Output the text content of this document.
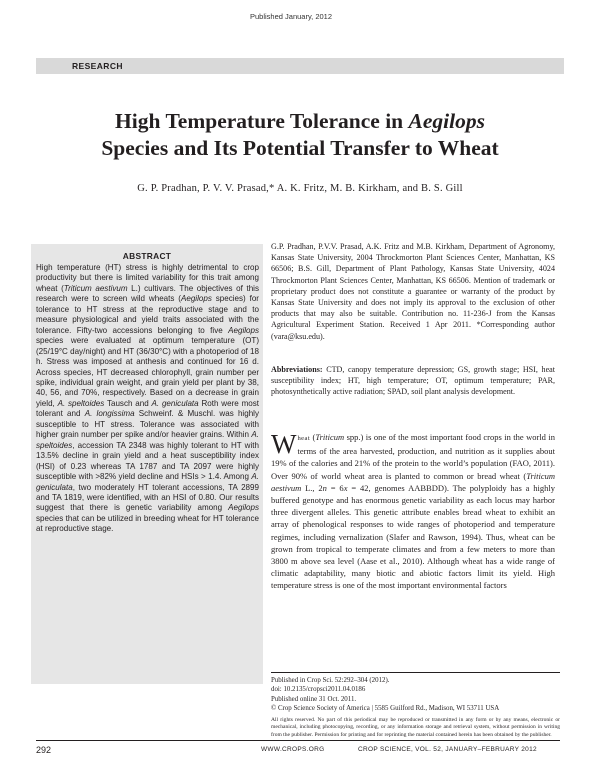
Published January, 2012
RESEARCH
High Temperature Tolerance in Aegilops
Species and Its Potential Transfer to Wheat
G. P. Pradhan, P. V. V. Prasad,* A. K. Fritz, M. B. Kirkham, and B. S. Gill
ABSTRACT
High temperature (HT) stress is highly detrimental to crop productivity but there is limited variability for this trait among wheat (Triticum aestivum L.) cultivars. The objectives of this research were to screen wild wheats (Aegilops species) for tolerance to HT stress at the reproductive stage and to measure physiological and yield traits associated with the tolerance. Fifty-two accessions belonging to five Aegilops species were evaluated at optimum temperature (OT) (25/19°C day/night) and HT (36/30°C) with a photoperiod of 18 h. Stress was imposed at anthesis and continued for 16 d. Across species, HT decreased chlorophyll, grain number per spike, individual grain weight, and grain yield per plant by 38, 40, 56, and 70%, respectively. Based on a decrease in grain yield, A. speltoides Tausch and A. geniculata Roth were most tolerant and A. longissima Schweinf. & Muschl. was highly susceptible to HT stress. Tolerance was associated with higher grain number per spike and/or heavier grains. Within A. speltoides, accession TA 2348 was highly tolerant to HT with 13.5% decline in grain yield and a heat susceptibility index (HSI) of 0.23 whereas TA 1787 and TA 2097 were highly susceptible with >82% yield decline and HSIs > 1.4. Among A. geniculata, two moderately HT tolerant accessions, TA 2899 and TA 1819, were identified, with an HSI of 0.80. Our results suggest that there is genetic variability among Aegilops species that can be utilized in breeding wheat for HT tolerance at reproductive stage.
G.P. Pradhan, P.V.V. Prasad, A.K. Fritz and M.B. Kirkham, Department of Agronomy, Kansas State University, 2004 Throckmorton Plant Sciences Center, Manhattan, KS 66506; B.S. Gill, Department of Plant Pathology, Kansas State University, 4024 Throckmorton Plant Sciences Center, Manhattan, KS 66506. Mention of trademark or proprietary product does not constitute a guarantee or warranty of the product by Kansas State University and does not imply its approval to the exclusion of other products that may also be suitable. Contribution no. 11-236-J from the Kansas Agricultural Experiment Station. Received 1 Apr 2011. *Corresponding author (vara@ksu.edu).
Abbreviations: CTD, canopy temperature depression; GS, growth stage; HSI, heat susceptibility index; HT, high temperature; OT, optimum temperature; PAR, photosynthetically active radiation; SPAD, soil plant analysis development.
Wheat (Triticum spp.) is one of the most important food crops in the world in terms of the area harvested, production, and nutrition as it supplies about 19% of the calories and 21% of the protein to the world’s population (FAO, 2011). Over 90% of world wheat area is planted to common or bread wheat (Triticum aestivum L., 2n = 6x = 42, genomes AABBDD). The polyploidy has a highly buffered genotype and has enormous genetic variability as each locus may harbor three divergent alleles. This genetic attribute enables bread wheat to exhibit an array of phenological responses to wide ranges of photoperiod and temperature regimes, including vernalization (Slafer and Rawson, 1994). Thus, wheat can be grown from tropical to temperate climates and from a few meters to more than 3800 m above sea level (Aase et al., 2010). Although wheat has a wide range of climatic adaptability, many biotic and abiotic factors limit its yield. High temperature stress is one of the most important environmental factors
Published in Crop Sci. 52:292–304 (2012).
doi: 10.2135/cropsci2011.04.0186
Published online 31 Oct. 2011.
© Crop Science Society of America | 5585 Guilford Rd., Madison, WI 53711 USA
All rights reserved. No part of this periodical may be reproduced or transmitted in any form or by any means, electronic or mechanical, including photocopying, recording, or any information storage and retrieval system, without permission in writing from the publisher. Permission for printing and for reprinting the material contained herein has been obtained by the publisher.
292	WWW.CROPS.ORG	CROP SCIENCE, VOL. 52, JANUARY–FEBRUARY 2012
